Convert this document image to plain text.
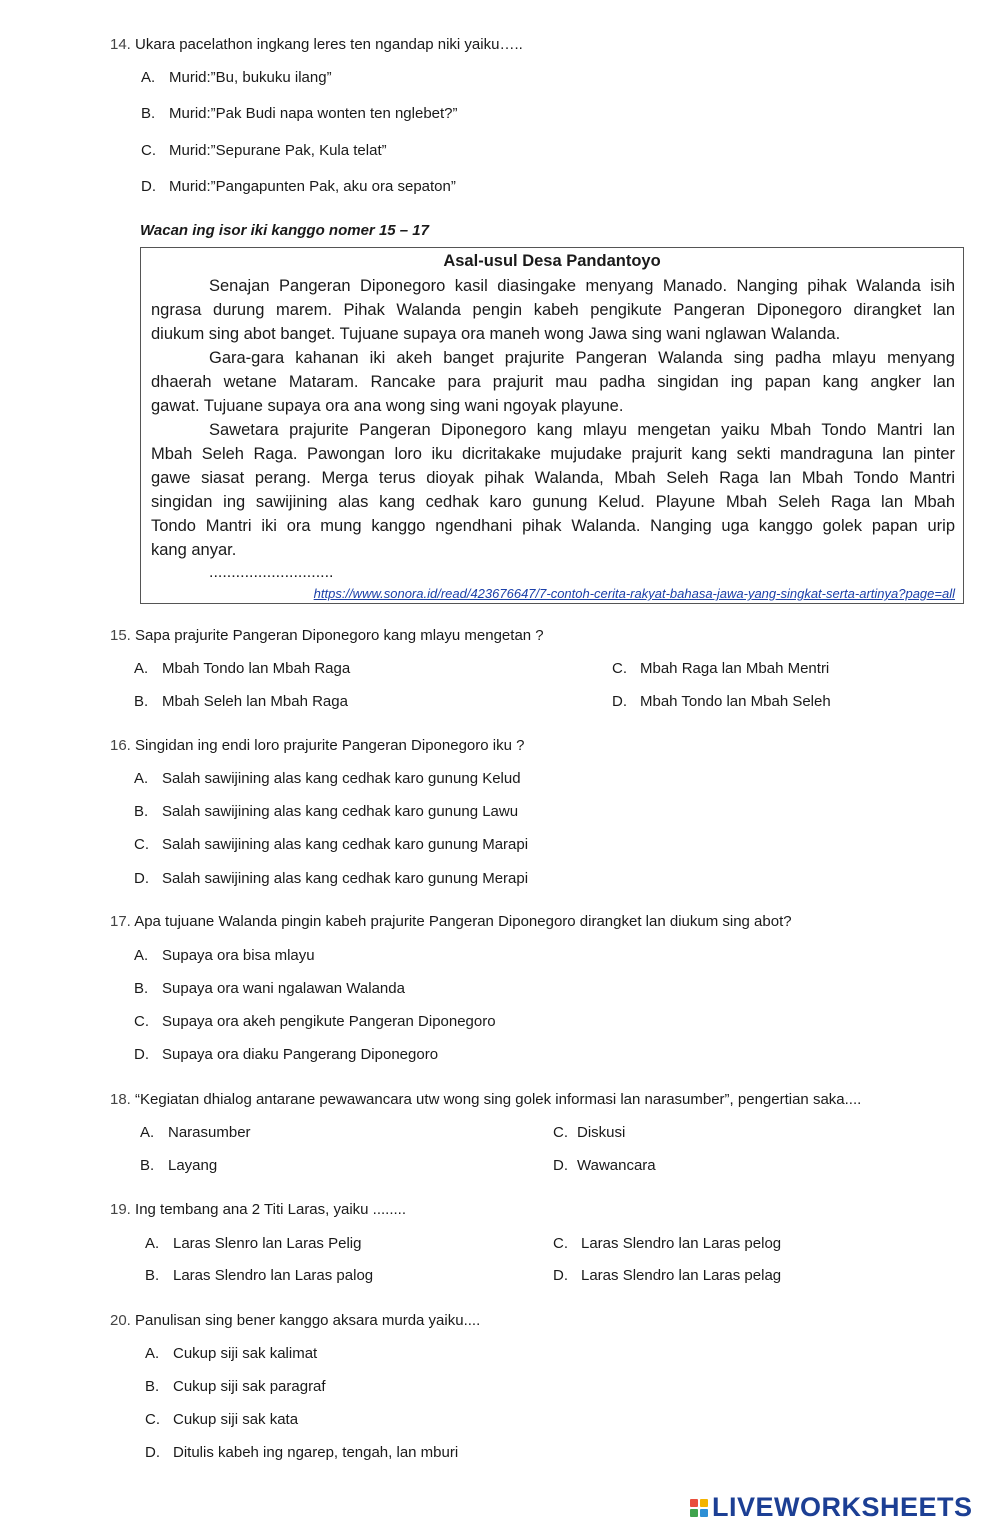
14. Ukara pacelathon ingkang leres ten ngandap niki yaiku…..
A. Murid:”Bu, bukuku ilang”
B. Murid:”Pak Budi napa wonten ten nglebet?”
C. Murid:”Sepurane Pak, Kula telat”
D. Murid:”Pangapunten Pak, aku ora sepaton”
Wacan ing isor iki kanggo nomer 15 – 17
Asal-usul Desa Pandantoyo
Senajan Pangeran Diponegoro kasil diasingake menyang Manado. Nanging pihak Walanda isih
ngrasa durung marem. Pihak Walanda pengin kabeh pengikute Pangeran Diponegoro dirangket lan
diukum sing abot banget. Tujuane supaya ora maneh wong Jawa sing wani nglawan Walanda.
Gara-gara kahanan iki akeh banget prajurite Pangeran Walanda sing padha mlayu menyang
dhaerah wetane Mataram. Rancake para prajurit mau padha singidan ing papan kang angker lan
gawat. Tujuane supaya ora ana wong sing wani ngoyak playune.
Sawetara prajurite Pangeran Diponegoro kang mlayu mengetan yaiku Mbah Tondo Mantri lan
Mbah Seleh Raga. Pawongan loro iku dicritakake mujudake prajurit kang sekti mandraguna lan pinter
gawe siasat perang. Merga terus dioyak pihak Walanda, Mbah Seleh Raga lan Mbah Tondo Mantri
singidan ing sawijining alas kang cedhak karo gunung Kelud. Playune Mbah Seleh Raga lan Mbah
Tondo Mantri iki ora mung kanggo ngendhani pihak Walanda. Nanging uga kanggo golek papan urip
kang anyar.
............................
https://www.sonora.id/read/423676647/7-contoh-cerita-rakyat-bahasa-jawa-yang-singkat-serta-artinya?page=all
15. Sapa prajurite Pangeran Diponegoro kang mlayu mengetan ?
A. Mbah Tondo lan Mbah Raga
B. Mbah Seleh lan Mbah Raga
C. Mbah Raga lan Mbah Mentri
D. Mbah Tondo lan Mbah Seleh
16. Singidan ing endi loro prajurite Pangeran Diponegoro iku ?
A. Salah sawijining alas kang cedhak karo gunung Kelud
B. Salah sawijining alas kang cedhak karo gunung Lawu
C. Salah sawijining alas kang cedhak karo gunung Marapi
D. Salah sawijining alas kang cedhak karo gunung Merapi
17. Apa tujuane Walanda pingin kabeh prajurite Pangeran Diponegoro dirangket lan diukum sing abot?
A. Supaya ora bisa mlayu
B. Supaya ora wani ngalawan Walanda
C. Supaya ora akeh pengikute Pangeran Diponegoro
D. Supaya ora diaku Pangerang Diponegoro
18. “Kegiatan dhialog antarane pewawancara utw wong sing golek informasi lan narasumber”, pengertian saka....
A. Narasumber
B. Layang
C. Diskusi
D. Wawancara
19. Ing tembang ana 2 Titi Laras, yaiku ........
A. Laras Slenro lan Laras Pelig
B. Laras Slendro lan Laras palog
C. Laras Slendro lan Laras pelog
D. Laras Slendro lan Laras pelag
20. Panulisan sing bener kanggo aksara murda yaiku....
A. Cukup siji sak kalimat
B. Cukup siji sak paragraf
C. Cukup siji sak kata
D. Ditulis kabeh ing ngarep, tengah, lan mburi
LIVEWORKSHEETS
